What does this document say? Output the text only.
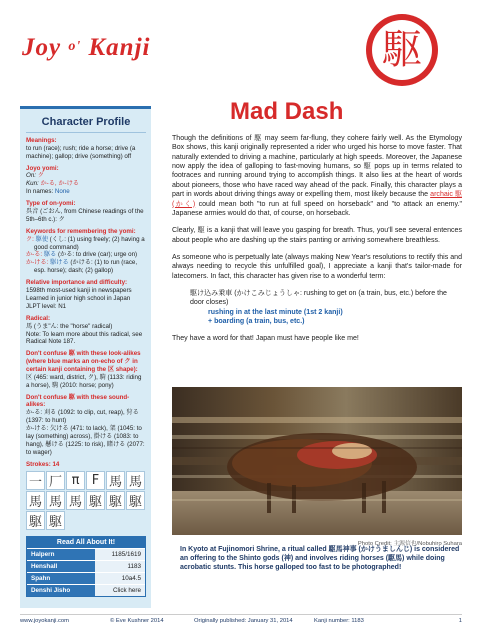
Joy $^{o'}$ Kanji	駆
Character Profile
Meanings:
to run (race); rush; ride a horse; drive (a machine); gallop; drive (something) off
Joyo yomi:
On: ク
Kun: か-る, か-ける
In names: None
Type of on-yomi:
呉音 (ごおん, from Chinese readings of the 5th–6th c.): ク
Keywords for remembering the yomi:
ク: 駆使 (くし: (1) using freely; (2) having a good command)
か-る: 駆る (かる: to drive (car); urge on)
か-ける: 駆ける (かける: (1) to run (race, esp. horse); dash; (2) gallop)
Relative importance and difficulty:
1598th most-used kanji in newspapers
Learned in junior high school in Japan
JLPT level: N1
Radical:
馬 (うま"ん: the "horse" radical)
Note: To learn more about this radical, see Radical Note 187.
Don't confuse 駆 with these look-alikes (where blue marks an on-echo of ク in certain kanji containing the 区 shape):
区 (465: ward, district, ク), 騎 (1133: riding a horse), 駒 (2010: horse; pony)
Don't confuse 駆 with these sound-alikes:
か-る: 刈る (1092: to clip, cut, reap), 狩る (1397: to hunt)
か-ける: 欠ける (471: to lack), 架 (1045: to lay (something) across), 掛ける (1083: to hang), 懸ける (1225: to risk), 賭ける (2077: to wager)
Strokes: 14
一 厂 π F 馬 馬
馬 馬 馬 駆 駆 駆
駆 駆
Read All About It!
Halpern	1185/1619
Henshall	1183
Spahn	10a4.5
Denshi Jisho	Click here
Mad Dash

Though the definitions of 駆 may seem far-flung, they cohere fairly well. As the Etymology Box shows, this kanji originally represented a rider who urged his horse to move faster. That naturally extended to driving a machine, particularly at high speeds. Moreover, the Japanese now apply the idea of galloping to fast-moving humans, so 駆 pops up in terms related to footraces and running around trying to accomplish things. It also lies at the heart of words about pioneers, those who have raced way ahead of the pack. Finally, this character plays a part in words about driving things away or expelling them, most likely because the archaic 駆 (かく) could mean both "to run at full speed on horseback" and "to attack an enemy." Japanese armies would do that, of course, on horseback.

Clearly, 駆 is a kanji that will leave you gasping for breath. Thus, you'll see several entences about people who are dashing up the stairs panting or arriving somewhere breathless.

As someone who is perpetually late (always making New Year's resolutions to rectify this and always needing to recycle this unfulfilled goal), I appreciate a kanji that's tailor-made for latecomers. In fact, this character has given rise to a wonderful term:

駆け込み乗車 (かけこみじょうしゃ: rushing to get on (a train, bus, etc.) before the door closes)
rushing in at the last minute (1st 2 kanji)
+ boarding (a train, bus, etc.)

They have a word for that! Japan must have people like me!

Photo Credit: 主源信也/Nobuhiro Suhara
In Kyoto at Fujinomori Shrine, a ritual called 駆馬神事 (かけうましんじ) is considered an offering to the Shinto gods (神) and involves riding horses (駆馬) while doing acrobatic stunts. This horse galloped too fast to be photographed!
www.joyokanji.com	© Eve Kushner 2014	Originally published: January 31, 2014	Kanji number: 1183	1
